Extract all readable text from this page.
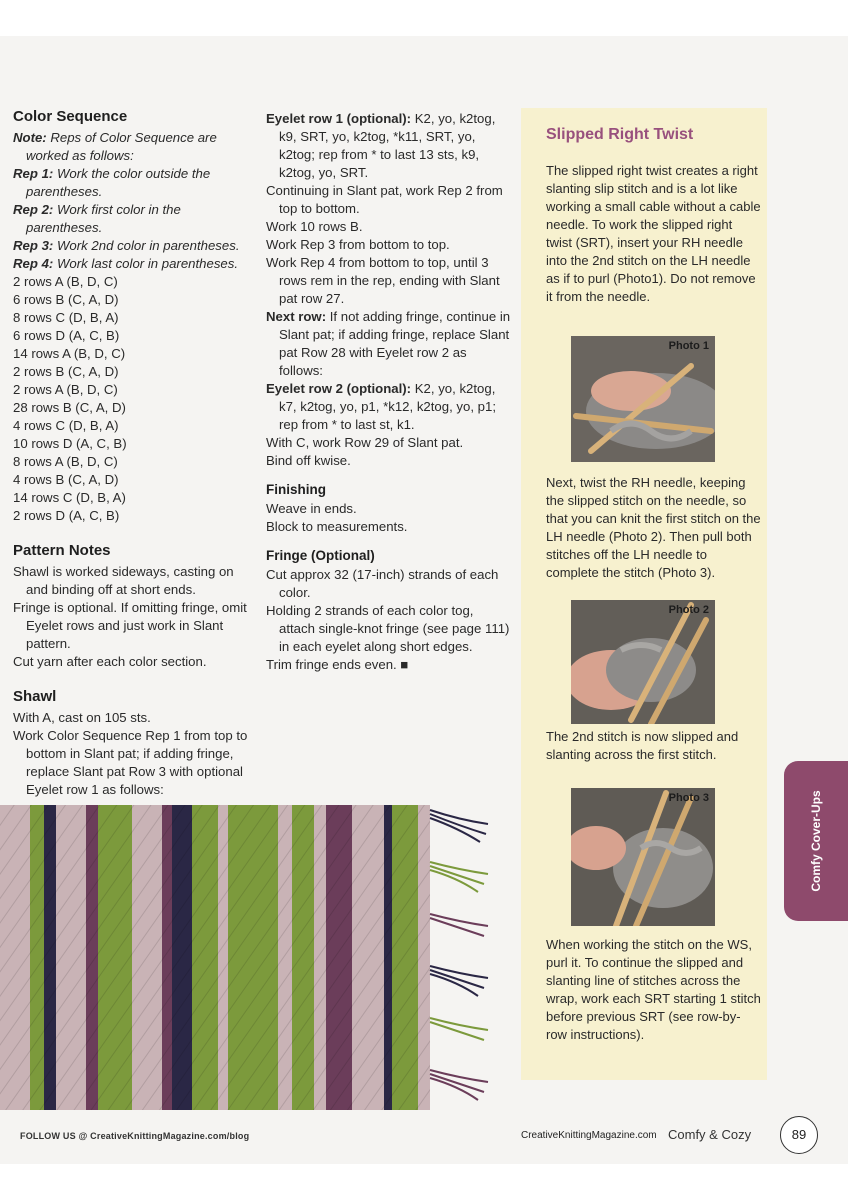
Color Sequence

Note: Reps of Color Sequence are worked as follows:

Rep 1: Work the color outside the parentheses.

Rep 2: Work first color in the parentheses.

Rep 3: Work 2nd color in parentheses.

Rep 4: Work last color in parentheses.

2 rows A (B, D, C)

6 rows B (C, A, D)

8 rows C (D, B, A)

6 rows D (A, C, B)

14 rows A (B, D, C)

2 rows B (C, A, D)

2 rows A (B, D, C)

28 rows B (C, A, D)

4 rows C (D, B, A)

10 rows D (A, C, B)

8 rows A (B, D, C)

4 rows B (C, A, D)

14 rows C (D, B, A)

2 rows D (A, C, B)

Pattern Notes

Shawl is worked sideways, casting on and binding off at short ends.

Fringe is optional. If omitting fringe, omit Eyelet rows and just work in Slant pattern.

Cut yarn after each color section.

Shawl

With A, cast on 105 sts.

Work Color Sequence Rep 1 from top to bottom in Slant pat; if adding fringe, replace Slant pat Row 3 with optional Eyelet row 1 as follows:

Eyelet row 1 (optional): K2, yo, k2tog, k9, SRT, yo, k2tog, *k11, SRT, yo, k2tog; rep from * to last 13 sts, k9, k2tog, yo, SRT.

Continuing in Slant pat, work Rep 2 from top to bottom.

Work 10 rows B.

Work Rep 3 from bottom to top.

Work Rep 4 from bottom to top, until 3 rows rem in the rep, ending with Slant pat row 27.

Next row: If not adding fringe, continue in Slant pat; if adding fringe, replace Slant pat Row 28 with Eyelet row 2 as follows:

Eyelet row 2 (optional): K2, yo, k2tog, k7, k2tog, yo, p1, *k12, k2tog, yo, p1; rep from * to last st, k1.

With C, work Row 29 of Slant pat.

Bind off kwise.

Finishing

Weave in ends.

Block to measurements.

Fringe (Optional)

Cut approx 32 (17-inch) strands of each color.

Holding 2 strands of each color tog, attach single-knot fringe (see page 111) in each eyelet along short edges.

Trim fringe ends even. ■

Slipped Right Twist

The slipped right twist creates a right slanting slip stitch and is a lot like working a small cable without a cable needle. To work the slipped right twist (SRT), insert your RH needle into the 2nd stitch on the LH needle as if to purl (Photo1). Do not remove it from the needle.

Photo 1

Next, twist the RH needle, keeping the slipped stitch on the needle, so that you can knit the first stitch on the LH needle (Photo 2). Then pull both stitches off the LH needle to complete the stitch (Photo 3).

Photo 2

The 2nd stitch is now slipped and slanting across the first stitch.

Photo 3

When working the stitch on the WS, purl it. To continue the slipped and slanting line of stitches across the wrap, work each SRT starting 1 stitch before previous SRT (see row-by-row instructions).

Comfy Cover-Ups
FOLLOW US @ CreativeKnittingMagazine.com/blog	CreativeKnittingMagazine.com Comfy & Cozy	89
